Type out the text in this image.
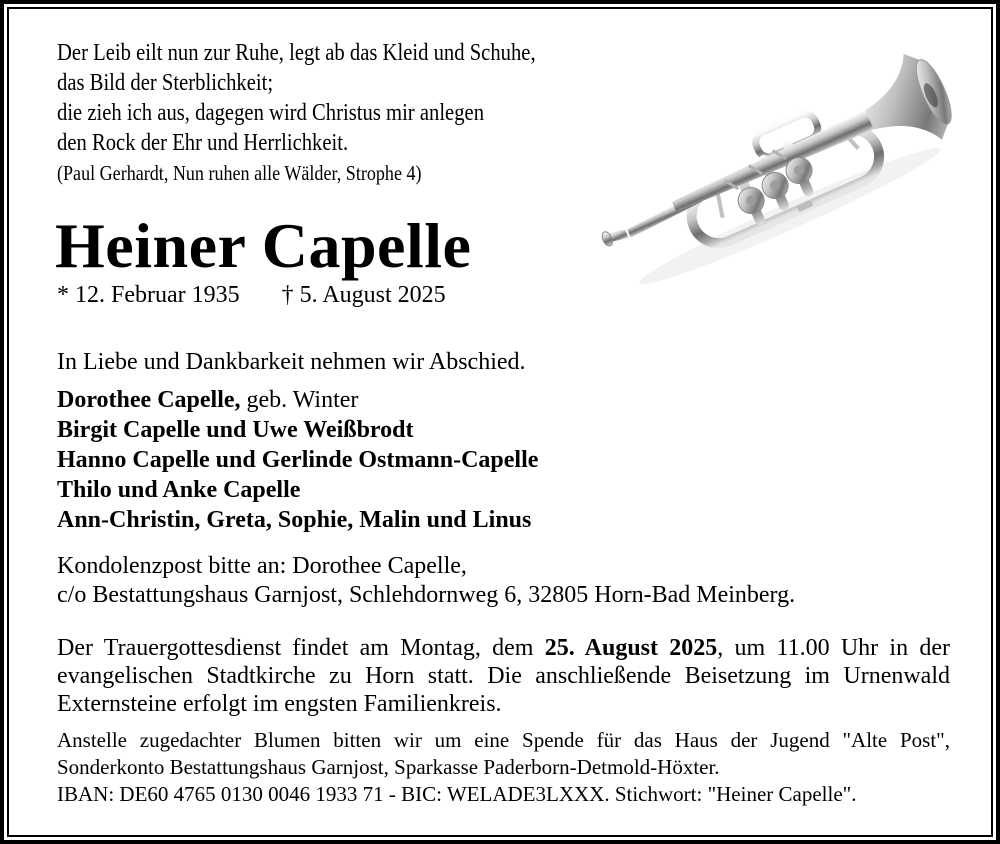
Der Leib eilt nun zur Ruhe, legt ab das Kleid und Schuhe,
das Bild der Sterblichkeit;
die zieh ich aus, dagegen wird Christus mir anlegen
den Rock der Ehr und Herrlichkeit.
(Paul Gerhardt, Nun ruhen alle Wälder, Strophe 4)
Heiner Capelle
* 12. Februar 1935 † 5. August 2025
In Liebe und Dankbarkeit nehmen wir Abschied.
Dorothee Capelle, geb. Winter
Birgit Capelle und Uwe Weißbrodt
Hanno Capelle und Gerlinde Ostmann-Capelle
Thilo und Anke Capelle
Ann-Christin, Greta, Sophie, Malin und Linus
Kondolenzpost bitte an: Dorothee Capelle,
c/o Bestattungshaus Garnjost, Schlehdornweg 6, 32805 Horn-Bad Meinberg.
Der Trauergottesdienst findet am Montag, dem 25. August 2025, um 11.00 Uhr in der
evangelischen Stadtkirche zu Horn statt. Die anschließende Beisetzung im Urnenwald
Externsteine erfolgt im engsten Familienkreis.
Anstelle zugedachter Blumen bitten wir um eine Spende für das Haus der Jugend "Alte Post",
Sonderkonto Bestattungshaus Garnjost, Sparkasse Paderborn-Detmold-Höxter.
IBAN: DE60 4765 0130 0046 1933 71 - BIC: WELADE3LXXX. Stichwort: "Heiner Capelle".
